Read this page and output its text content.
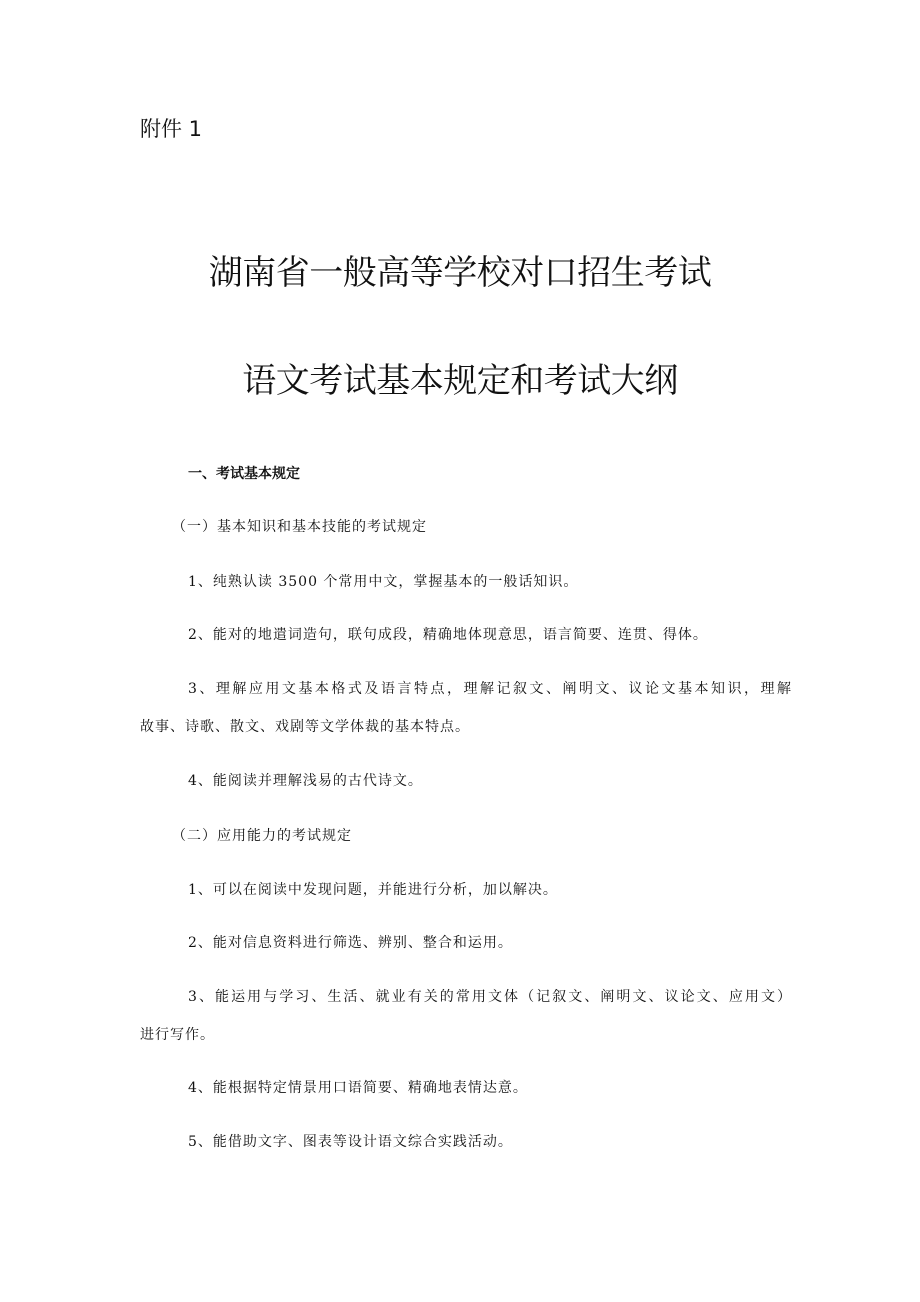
附件 1
湖南省一般高等学校对口招生考试
语文考试基本规定和考试大纲
一、考试基本规定
（一）基本知识和基本技能的考试规定
1、纯熟认读 3500 个常用中文，掌握基本的一般话知识。
2、能对的地遣词造句，联句成段，精确地体现意思，语言简要、连贯、得体。
3、理解应用文基本格式及语言特点，理解记叙文、阐明文、议论文基本知识，理解
故事、诗歌、散文、戏剧等文学体裁的基本特点。
4、能阅读并理解浅易的古代诗文。
（二）应用能力的考试规定
1、可以在阅读中发现问题，并能进行分析，加以解决。
2、能对信息资料进行筛选、辨别、整合和运用。
3、能运用与学习、生活、就业有关的常用文体（记叙文、阐明文、议论文、应用文）
进行写作。
4、能根据特定情景用口语简要、精确地表情达意。
5、能借助文字、图表等设计语文综合实践活动。
